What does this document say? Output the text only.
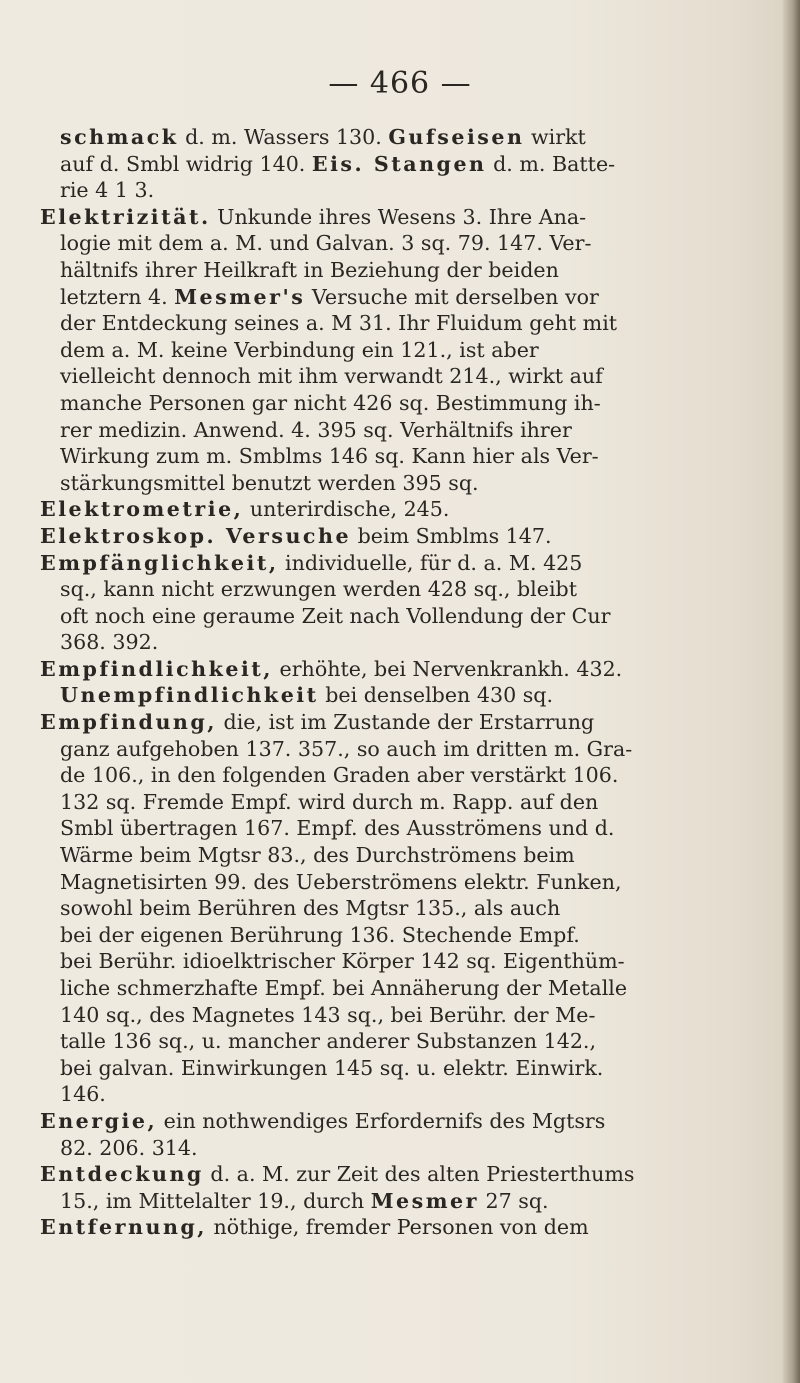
— 466 —
schmack d. m. Wassers 130. Gufseisen wirkt
auf d. Smbl widrig 140. Eis. Stangen d. m. Batte-
rie 4 1 3.
Elektrizität. Unkunde ihres Wesens 3. Ihre Ana-
logie mit dem a. M. und Galvan. 3 sq. 79. 147. Ver-
hältnifs ihrer Heilkraft in Beziehung der beiden
letztern 4. Mesmer's Versuche mit derselben vor
der Entdeckung seines a. M 31. Ihr Fluidum geht mit
dem a. M. keine Verbindung ein 121., ist aber
vielleicht dennoch mit ihm verwandt 214., wirkt auf
manche Personen gar nicht 426 sq. Bestimmung ih-
rer medizin. Anwend. 4. 395 sq. Verhältnifs ihrer
Wirkung zum m. Smblms 146 sq. Kann hier als Ver-
stärkungsmittel benutzt werden 395 sq.
Elektrometrie, unterirdische, 245.
Elektroskop. Versuche beim Smblms 147.
Empfänglichkeit, individuelle, für d. a. M. 425
sq., kann nicht erzwungen werden 428 sq., bleibt
oft noch eine geraume Zeit nach Vollendung der Cur
368. 392.
Empfindlichkeit, erhöhte, bei Nervenkrankh. 432.
Unempfindlichkeit bei denselben 430 sq.
Empfindung, die, ist im Zustande der Erstarrung
ganz aufgehoben 137. 357., so auch im dritten m. Gra-
de 106., in den folgenden Graden aber verstärkt 106.
132 sq. Fremde Empf. wird durch m. Rapp. auf den
Smbl übertragen 167. Empf. des Ausströmens und d.
Wärme beim Mgtsr 83., des Durchströmens beim
Magnetisirten 99. des Ueberströmens elektr. Funken,
sowohl beim Berühren des Mgtsr 135., als auch
bei der eigenen Berührung 136. Stechende Empf.
bei Berühr. idioelktrischer Körper 142 sq. Eigenthüm-
liche schmerzhafte Empf. bei Annäherung der Metalle
140 sq., des Magnetes 143 sq., bei Berühr. der Me-
talle 136 sq., u. mancher anderer Substanzen 142.,
bei galvan. Einwirkungen 145 sq. u. elektr. Einwirk.
146.
Energie, ein nothwendiges Erfordernifs des Mgtsrs
82. 206. 314.
Entdeckung d. a. M. zur Zeit des alten Priesterthums
15., im Mittelalter 19., durch Mesmer 27 sq.
Entfernung, nöthige, fremder Personen von dem
